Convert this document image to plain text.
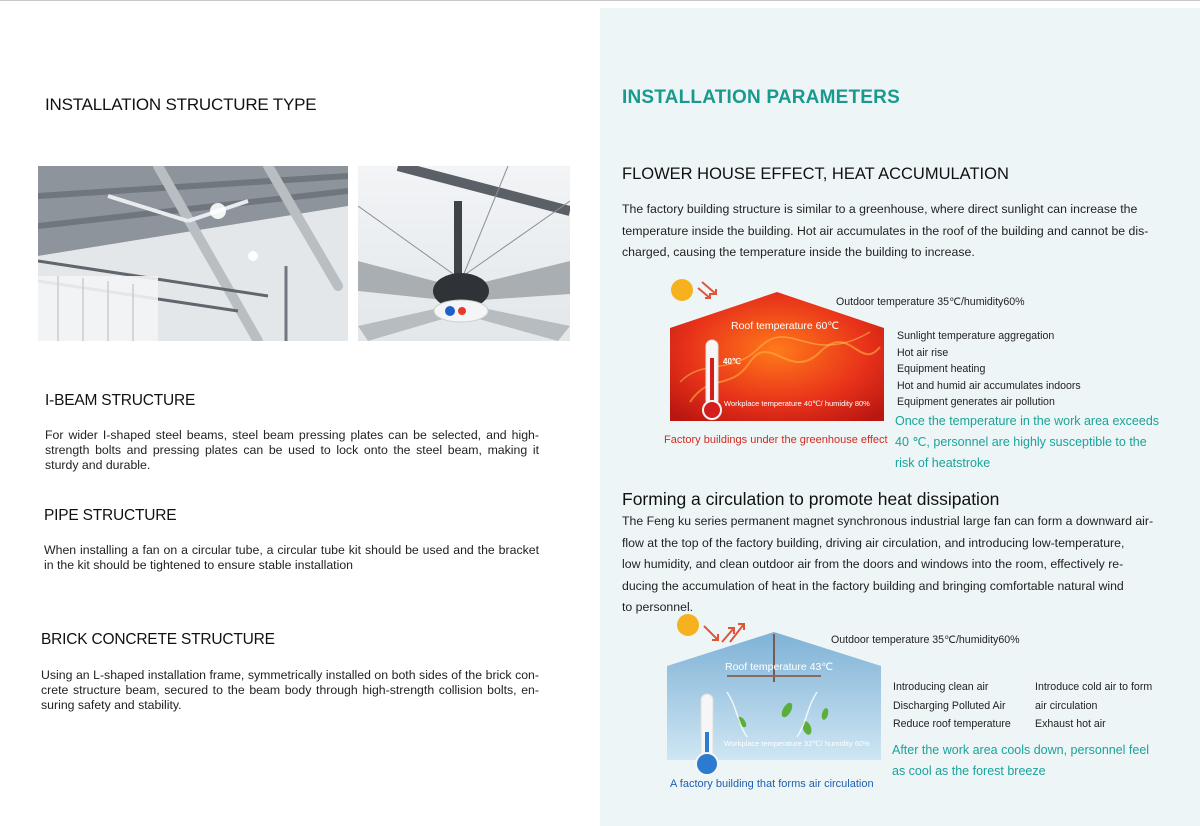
INSTALLATION STRUCTURE TYPE
I-BEAM STRUCTURE
For wider I-shaped steel beams, steel beam pressing plates can be selected, and high-strength bolts and pressing plates can be used to lock onto the steel beam, making it sturdy and durable.
PIPE STRUCTURE
When installing a fan on a circular tube, a circular tube kit should be used and the bracket in the kit should be tightened to ensure stable installation
BRICK CONCRETE STRUCTURE
Using an L-shaped installation frame, symmetrically installed on both sides of the brick con-crete structure beam, secured to the beam body through high-strength collision bolts, en-suring safety and stability.
INSTALLATION PARAMETERS
FLOWER HOUSE EFFECT, HEAT ACCUMULATION
The factory building structure is similar to a greenhouse, where direct sunlight can increase the
temperature inside the building. Hot air accumulates in the roof of the building and cannot be dis-
charged, causing the temperature inside the building to increase.
Outdoor temperature 35℃/humidity60%
Roof temperature 60℃
40℃
Workplace temperature 40℃/ humidity 80%
Factory buildings under the greenhouse effect
Sunlight temperature aggregation
Hot air rise
Equipment heating
Hot and humid air accumulates indoors
Equipment generates air pollution
Once the temperature in the work area exceeds
40 ℃, personnel are highly susceptible to the
risk of heatstroke
Forming a circulation to promote heat dissipation
The Feng ku series permanent magnet synchronous industrial large fan can form a downward air-
flow at the top of the factory building, driving air circulation, and introducing low-temperature,
low humidity, and clean outdoor air from the doors and windows into the room, effectively re-
ducing the accumulation of heat in the factory building and bringing comfortable natural wind
to personnel.
Outdoor temperature 35℃/humidity60%
Roof temperature 43℃
Workplace temperature 32℃/ humidity 60%
A factory building that forms air circulation
Introducing clean air
Discharging Polluted Air
Reduce roof temperature
Introduce cold air to form
air circulation
Exhaust hot air
After the work area cools down, personnel feel
as cool as the forest breeze
